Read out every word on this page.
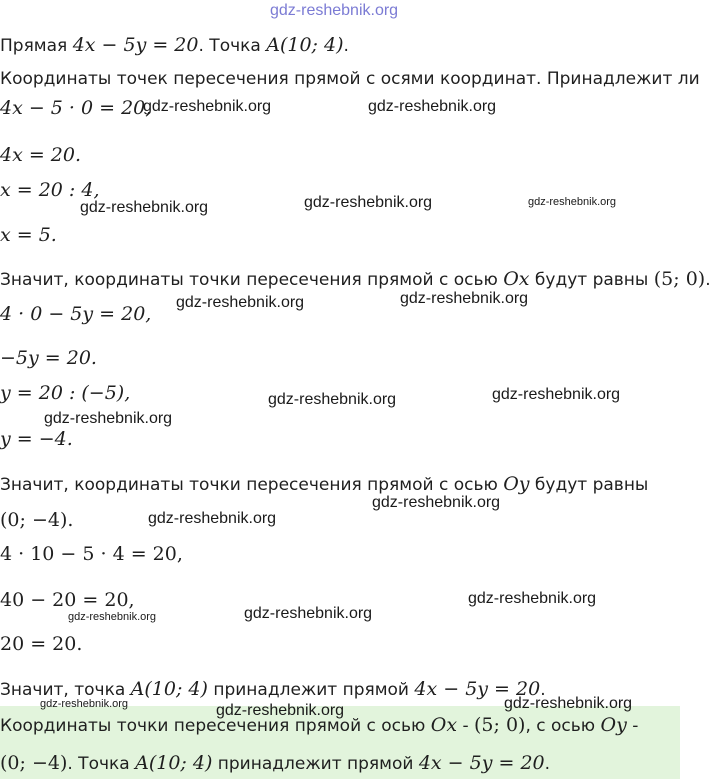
Прямая 4x − 5y = 20. Точка A(10; 4).
Координаты точек пересечения прямой с осями координат. Принадлежит ли
4x − 5 · 0 = 20,
4x = 20.
x = 20 : 4,
x = 5.
Значит, координаты точки пересечения прямой с осью Ox будут равны (5; 0).
4 · 0 − 5y = 20,
−5y = 20.
y = 20 : (−5),
y = −4.
Значит, координаты точки пересечения прямой с осью Oy будут равны
(0; −4).
4 · 10 − 5 · 4 = 20,
40 − 20 = 20,
20 = 20.
Значит, точка A(10; 4) принадлежит прямой 4x − 5y = 20.
Координаты точки пересечения прямой с осью Ox - (5; 0), с осью Oy -
(0; −4). Точка A(10; 4) принадлежит прямой 4x − 5y = 20.
gdz-reshebnik.org
gdz-reshebnik.org	gdz-reshebnik.org
gdz-reshebnik.org	gdz-reshebnik.org	gdz-reshebnik.org
gdz-reshebnik.org	gdz-reshebnik.org
gdz-reshebnik.org	gdz-reshebnik.org
gdz-reshebnik.org
gdz-reshebnik.org
gdz-reshebnik.org
gdz-reshebnik.org
gdz-reshebnik.org
gdz-reshebnik.org
gdz-reshebnik.org
gdz-reshebnik.org
gdz-reshebnik.org
